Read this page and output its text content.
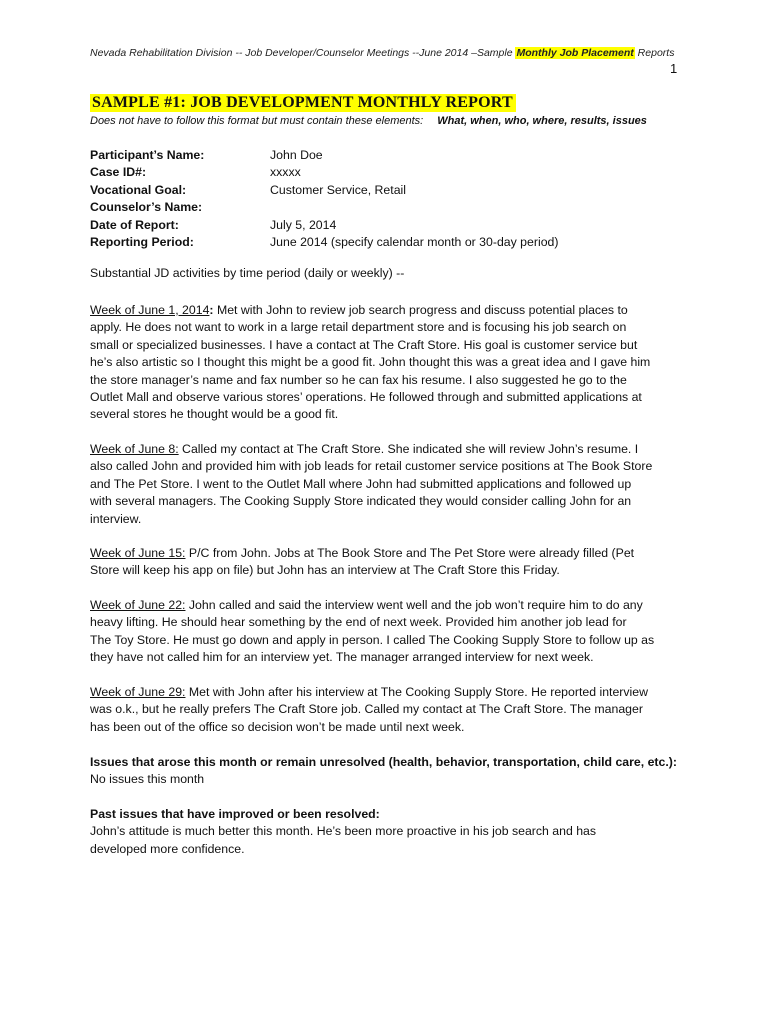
Nevada Rehabilitation Division -- Job Developer/Counselor Meetings --June 2014 –Sample Monthly Job Placement Reports
1
SAMPLE #1: JOB DEVELOPMENT MONTHLY REPORT
Does not have to follow this format but must contain these elements: What, when, who, where, results, issues
Participant’s Name:	John Doe
Case ID#:	xxxxx
Vocational Goal:	Customer Service, Retail
Counselor’s Name:
Date of Report:	July 5, 2014
Reporting Period:	June 2014 (specify calendar month or 30-day period)
Substantial JD activities by time period (daily or weekly) --
Week of June 1, 2014: Met with John to review job search progress and discuss potential places to
apply. He does not want to work in a large retail department store and is focusing his job search on
small or specialized businesses. I have a contact at The Craft Store. His goal is customer service but
he’s also artistic so I thought this might be a good fit. John thought this was a great idea and I gave him
the store manager’s name and fax number so he can fax his resume. I also suggested he go to the
Outlet Mall and observe various stores’ operations. He followed through and submitted applications at
several stores he thought would be a good fit.
Week of June 8: Called my contact at The Craft Store. She indicated she will review John’s resume. I
also called John and provided him with job leads for retail customer service positions at The Book Store
and The Pet Store. I went to the Outlet Mall where John had submitted applications and followed up
with several managers. The Cooking Supply Store indicated they would consider calling John for an
interview.
Week of June 15: P/C from John. Jobs at The Book Store and The Pet Store were already filled (Pet
Store will keep his app on file) but John has an interview at The Craft Store this Friday.
Week of June 22: John called and said the interview went well and the job won’t require him to do any
heavy lifting. He should hear something by the end of next week. Provided him another job lead for
The Toy Store. He must go down and apply in person. I called The Cooking Supply Store to follow up as
they have not called him for an interview yet. The manager arranged interview for next week.
Week of June 29: Met with John after his interview at The Cooking Supply Store. He reported interview
was o.k., but he really prefers The Craft Store job. Called my contact at The Craft Store. The manager
has been out of the office so decision won’t be made until next week.
Issues that arose this month or remain unresolved (health, behavior, transportation, child care, etc.):
No issues this month
Past issues that have improved or been resolved:
John’s attitude is much better this month. He’s been more proactive in his job search and has
developed more confidence.
